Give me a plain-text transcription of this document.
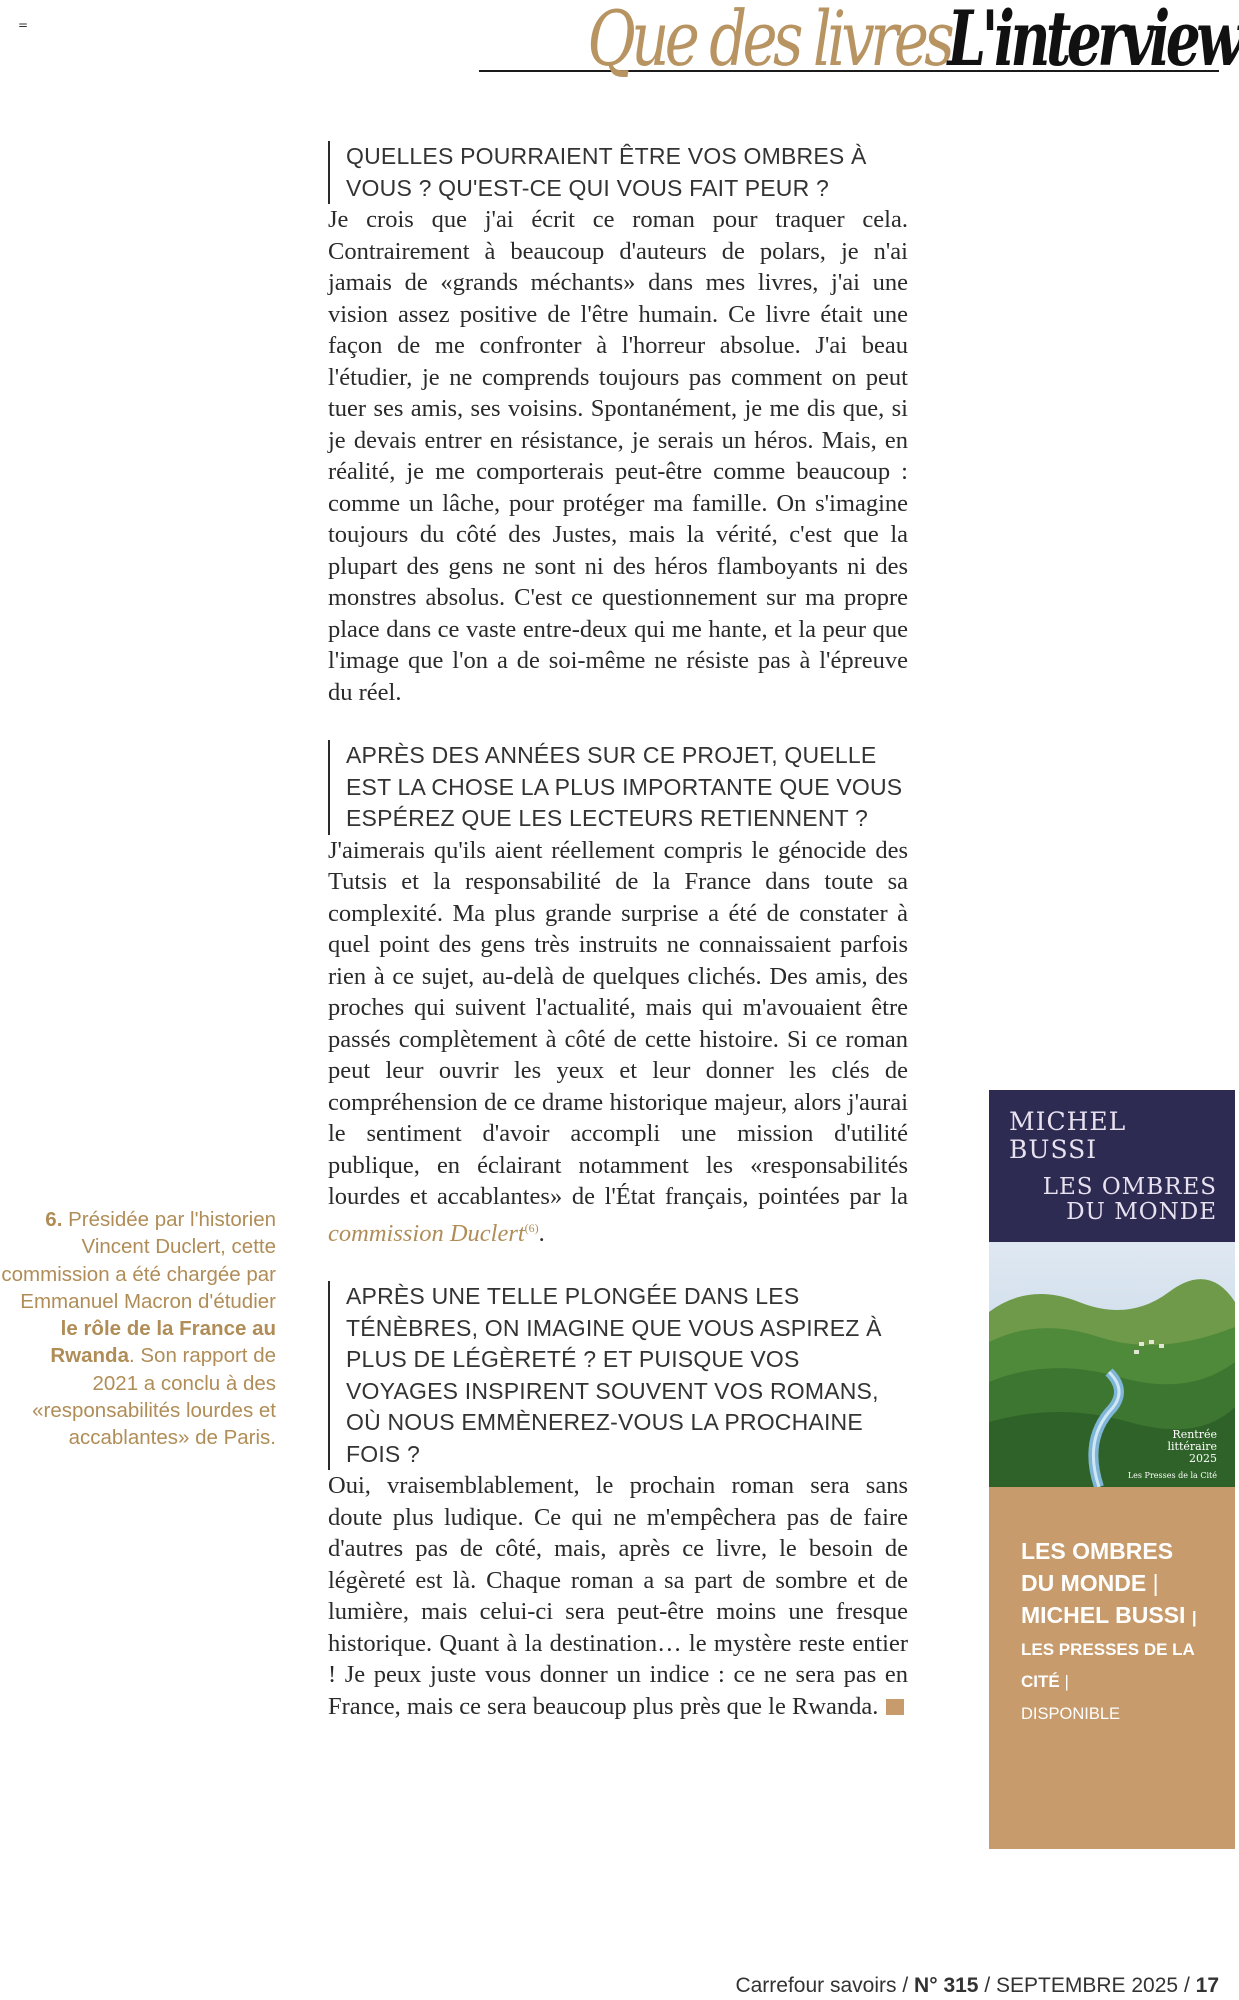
=	Que des livres L'interview
QUELLES POURRAIENT ÊTRE VOS OMBRES À VOUS ? QU'EST-CE QUI VOUS FAIT PEUR ?

Je crois que j'ai écrit ce roman pour traquer cela. Contrairement à beaucoup d'auteurs de polars, je n'ai jamais de «grands méchants» dans mes livres, j'ai une vision assez positive de l'être humain. Ce livre était une façon de me confronter à l'horreur absolue. J'ai beau l'étudier, je ne comprends toujours pas comment on peut tuer ses amis, ses voisins. Spontanément, je me dis que, si je devais entrer en résistance, je serais un héros. Mais, en réalité, je me comporterais peut-être comme beaucoup : comme un lâche, pour protéger ma famille. On s'imagine toujours du côté des Justes, mais la vérité, c'est que la plupart des gens ne sont ni des héros flamboyants ni des monstres absolus. C'est ce questionnement sur ma propre place dans ce vaste entre-deux qui me hante, et la peur que l'image que l'on a de soi-même ne résiste pas à l'épreuve du réel.

APRÈS DES ANNÉES SUR CE PROJET, QUELLE EST LA CHOSE LA PLUS IMPORTANTE QUE VOUS ESPÉREZ QUE LES LECTEURS RETIENNENT ?

J'aimerais qu'ils aient réellement compris le génocide des Tutsis et la responsabilité de la France dans toute sa complexité. Ma plus grande surprise a été de constater à quel point des gens très instruits ne connaissaient parfois rien à ce sujet, au-delà de quelques clichés. Des amis, des proches qui suivent l'actualité, mais qui m'avouaient être passés complètement à côté de cette histoire. Si ce roman peut leur ouvrir les yeux et leur donner les clés de compréhension de ce drame historique majeur, alors j'aurai le sentiment d'avoir accompli une mission d'utilité publique, en éclairant notamment les «responsabilités lourdes et accablantes» de l'État français, pointées par la commission Duclert$^{(6)}$.

APRÈS UNE TELLE PLONGÉE DANS LES TÉNÈBRES, ON IMAGINE QUE VOUS ASPIREZ À PLUS DE LÉGÈRETÉ ? ET PUISQUE VOS VOYAGES INSPIRENT SOUVENT VOS ROMANS, OÙ NOUS EMMÈNEREZ-VOUS LA PROCHAINE FOIS ?

Oui, vraisemblablement, le prochain roman sera sans doute plus ludique. Ce qui ne m'empêchera pas de faire d'autres pas de côté, mais, après ce livre, le besoin de légèreté est là. Chaque roman a sa part de sombre et de lumière, mais celui-ci sera peut-être moins une fresque historique. Quant à la destination… le mystère reste entier ! Je peux juste vous donner un indice : ce ne sera pas en France, mais ce sera beaucoup plus près que le Rwanda.

6. Présidée par l'historien Vincent Duclert, cette commission a été chargée par Emmanuel Macron d'étudier le rôle de la France au Rwanda. Son rapport de 2021 a conclu à des «responsabilités lourdes et accablantes» de Paris.
MICHEL
BUSSI
LES OMBRES
DU MONDE
Rentrée
littéraire
2025
Les Presses de la Cité
LES OMBRES DU MONDE |
MICHEL BUSSI |
LES PRESSES DE LA CITÉ |
DISPONIBLE
Carrefour savoirs / N° 315 / SEPTEMBRE 2025 / 17
